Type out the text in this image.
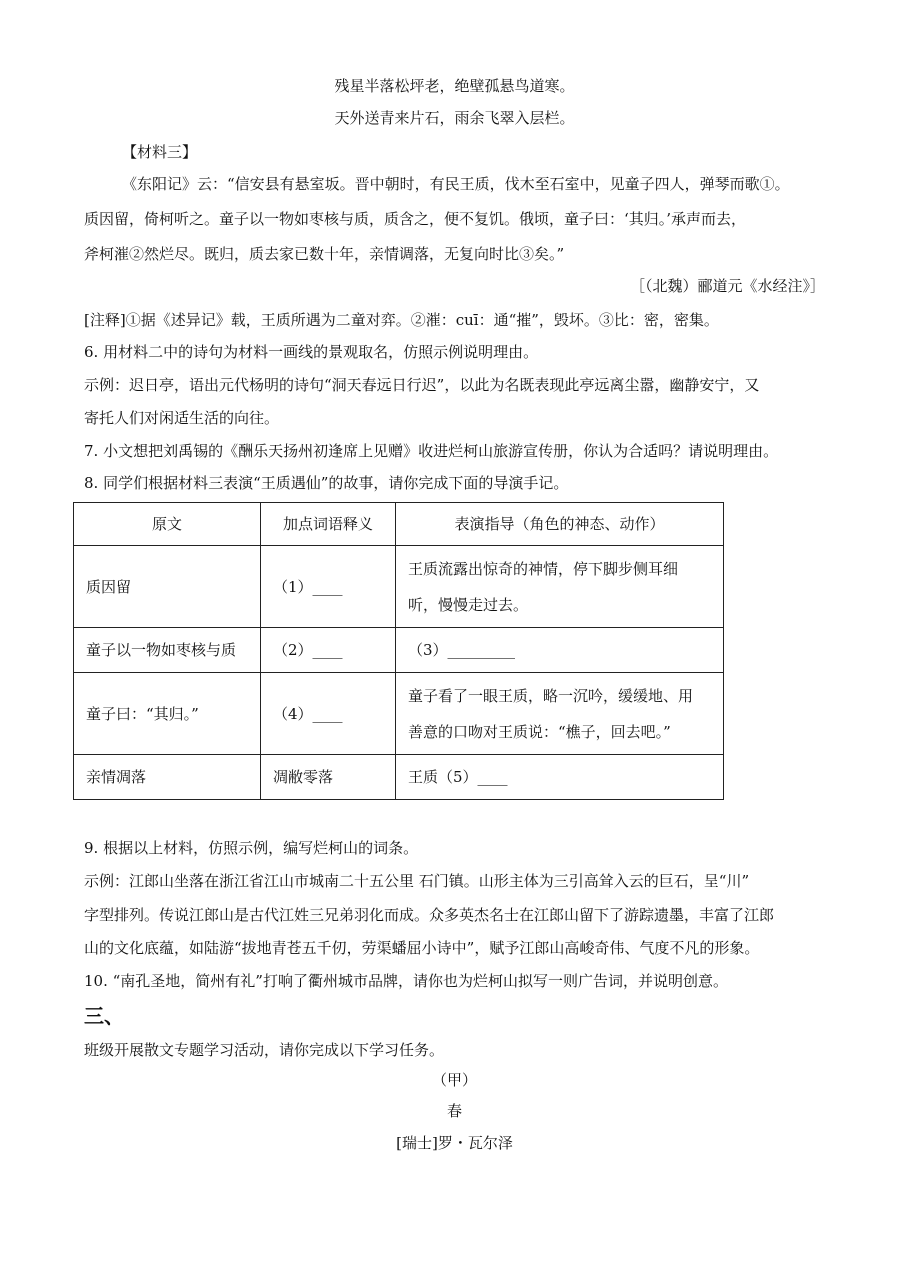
残星半落松坪老，绝壁孤悬鸟道寒。
天外送青来片石，雨余飞翠入层栏。
【材料三】
《东阳记》云：“信安县有悬室坂。晋中朝时，有民王质，伐木至石室中，见童子四人，弹琴而歌①。
质因留，倚柯听之。童子以一物如枣核与质，质含之，便不复饥。俄顷，童子曰：‘其归。’承声而去，
斧柯漼②然烂尽。既归，质去家已数十年，亲情调落，无复向时比③矣。”
［（北魏）郦道元《水经注》］
[注释]①据《述异记》载，王质所遇为二童对弈。②漼：cuī：通“摧”，毁坏。③比：密，密集。
6. 用材料二中的诗句为材料一画线的景观取名，仿照示例说明理由。
示例：迟日亭，语出元代杨明的诗句“洞天春远日行迟”，以此为名既表现此亭远离尘嚣，幽静安宁，又
寄托人们对闲适生活的向往。
7. 小文想把刘禹锡的《酬乐天扬州初逢席上见赠》收进烂柯山旅游宣传册，你认为合适吗？请说明理由。
8. 同学们根据材料三表演“王质遇仙”的故事，请你完成下面的导演手记。
原文	加点词语释义	表演指导（角色的神态、动作）
质因留	（1）____	王质流露出惊奇的神情，停下脚步侧耳细
听，慢慢走过去。

童子以一物如枣核与质	（2）____	（3）_________
童子曰：“其归。”	（4）____	童子看了一眼王质，略一沉吟，缓缓地、用
善意的口吻对王质说：“樵子，回去吧。”

亲情凋落	凋敝零落	王质（5）____
9. 根据以上材料，仿照示例，编写烂柯山的词条。
示例：江郎山坐落在浙江省江山市城南二十五公里 石门镇。山形主体为三引高耸入云的巨石，呈“川”
字型排列。传说江郎山是古代江姓三兄弟羽化而成。众多英杰名士在江郎山留下了游踪遗墨，丰富了江郎
山的文化底蕴，如陆游“拔地青苍五千仞，劳渠蟠屈小诗中”，赋予江郎山高峻奇伟、气度不凡的形象。
10. “南孔圣地，简州有礼”打响了衢州城市品牌，请你也为烂柯山拟写一则广告词，并说明创意。
三、
班级开展散文专题学习活动，请你完成以下学习任务。
（甲）
春
[瑞士]罗・瓦尔泽
